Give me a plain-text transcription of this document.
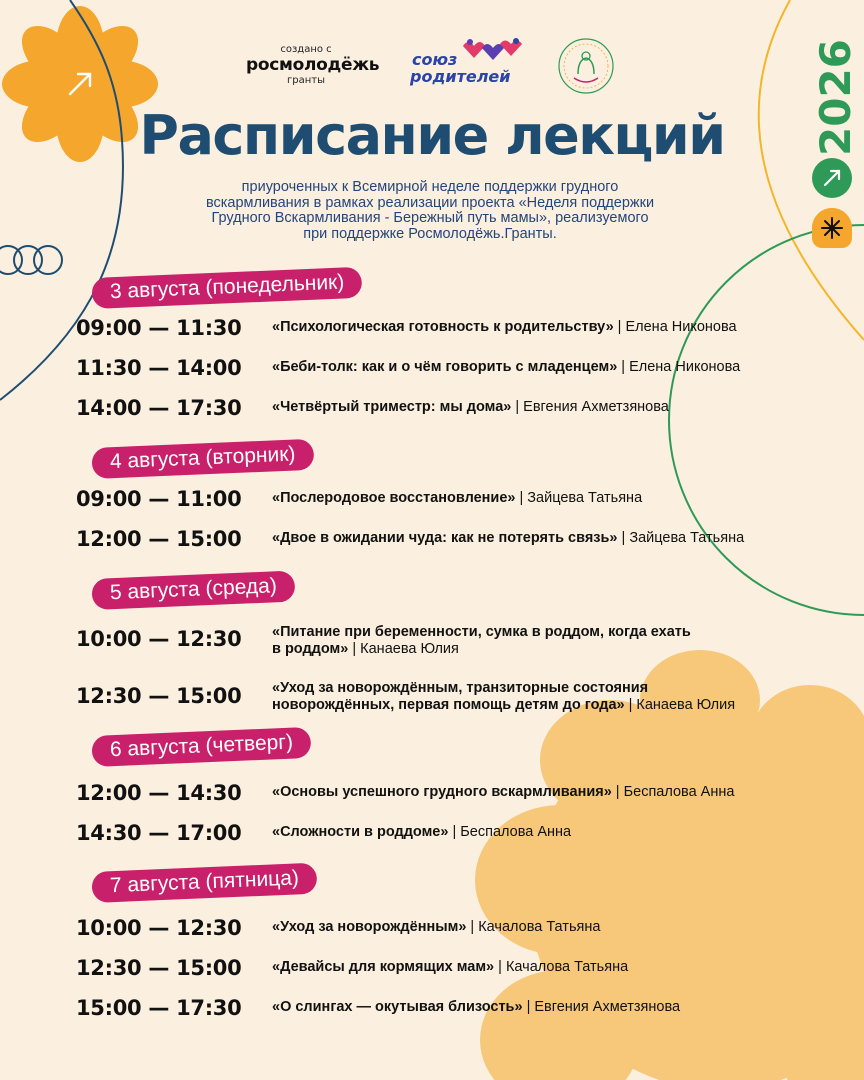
создано с
росмолодёжь
гранты
союз
родителей	2026
Расписание лекций
приуроченных к Всемирной неделе поддержки грудного
вскармливания в рамках реализации проекта «Неделя поддержки
Грудного Вскармливания - Бережный путь мамы», реализуемого
при поддержке Росмолодёжь.Гранты.
3 августа (понедельник)
09:00 — 11:30 «Психологическая готовность к родительству» | Елена Никонова
11:30 — 14:00 «Беби-толк: как и о чём говорить с младенцем» | Елена Никонова
14:00 — 17:30 «Четвёртый триместр: мы дома» | Евгения Ахметзянова
4 августа (вторник)
09:00 — 11:00 «Послеродовое восстановление» | Зайцева Татьяна
12:00 — 15:00 «Двое в ожидании чуда: как не потерять связь» | Зайцева Татьяна
5 августа (среда)
10:00 — 12:30 «Питание при беременности, сумка в роддом, когда ехать
в роддом» | Канаева Юлия
12:30 — 15:00 «Уход за новорождённым, транзиторные состояния
новорождённых, первая помощь детям до года» | Канаева Юлия
6 августа (четверг)
12:00 — 14:30 «Основы успешного грудного вскармливания» | Беспалова Анна
14:30 — 17:00 «Сложности в роддоме» | Беспалова Анна
7 августа (пятница)
10:00 — 12:30 «Уход за новорождённым» | Качалова Татьяна
12:30 — 15:00 «Девайсы для кормящих мам» | Качалова Татьяна
15:00 — 17:30 «О слингах — окутывая близость» | Евгения Ахметзянова
